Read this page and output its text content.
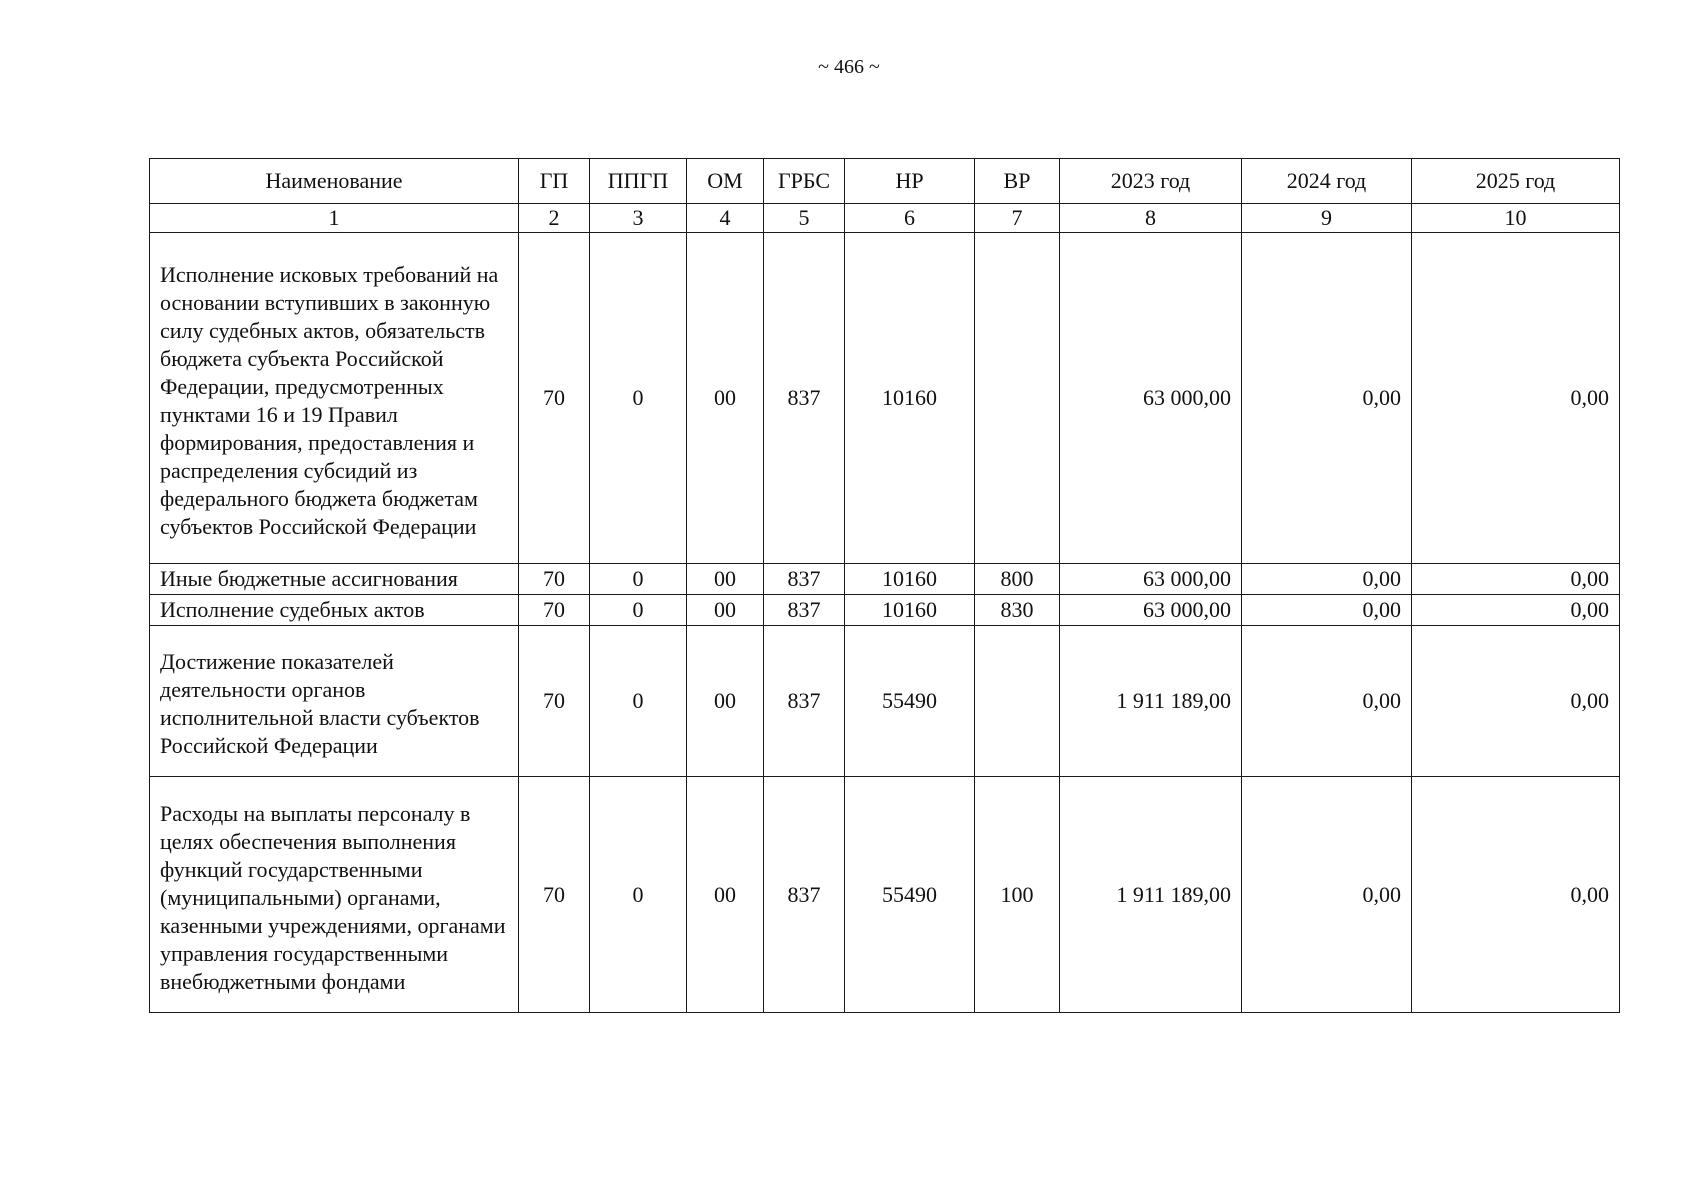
~ 466 ~
Наименование	ГП	ППГП	ОМ	ГРБС	НР	ВР	2023 год	2024 год	2025 год
1	2	3	4	5	6	7	8	9	10
Исполнение исковых требований на основании вступивших в законную силу судебных актов, обязательств бюджета субъекта Российской Федерации, предусмотренных пунктами 16 и 19 Правил формирования, предоставления и распределения субсидий из федерального бюджета бюджетам субъектов Российской Федерации	70	0	00	837	10160		63 000,00	0,00	0,00
Иные бюджетные ассигнования	70	0	00	837	10160	800	63 000,00	0,00	0,00
Исполнение судебных актов	70	0	00	837	10160	830	63 000,00	0,00	0,00
Достижение показателей деятельности органов исполнительной власти субъектов Российской Федерации	70	0	00	837	55490		1 911 189,00	0,00	0,00
Расходы на выплаты персоналу в целях обеспечения выполнения функций государственными (муниципальными) органами, казенными учреждениями, органами управления государственными внебюджетными фондами	70	0	00	837	55490	100	1 911 189,00	0,00	0,00
